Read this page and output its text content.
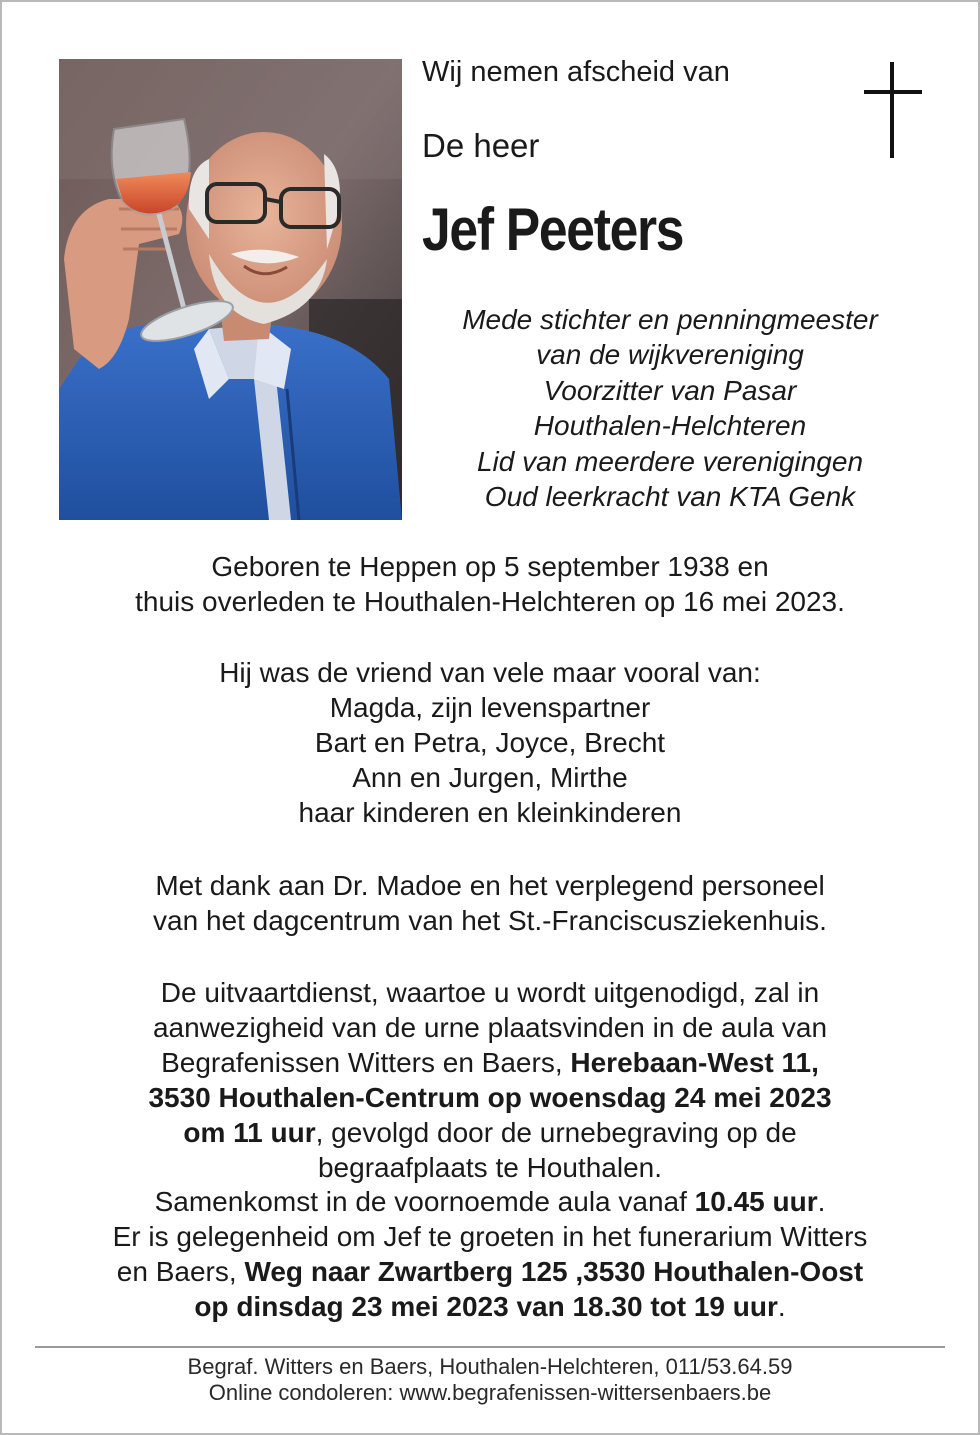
Wij nemen afscheid van
De heer
Jef Peeters
Mede stichter en penningmeester
van de wijkvereniging
Voorzitter van Pasar
Houthalen-Helchteren
Lid van meerdere verenigingen
Oud leerkracht van KTA Genk
Geboren te Heppen op 5 september 1938 en
thuis overleden te Houthalen-Helchteren op 16 mei 2023.
Hij was de vriend van vele maar vooral van:
Magda, zijn levenspartner
Bart en Petra, Joyce, Brecht
Ann en Jurgen, Mirthe
haar kinderen en kleinkinderen
Met dank aan Dr. Madoe en het verplegend personeel
van het dagcentrum van het St.-Franciscusziekenhuis.
De uitvaartdienst, waartoe u wordt uitgenodigd, zal in
aanwezigheid van de urne plaatsvinden in de aula van
Begrafenissen Witters en Baers, Herebaan-West 11,
3530 Houthalen-Centrum op woensdag 24 mei 2023
om 11 uur, gevolgd door de urnebegraving op de
begraafplaats te Houthalen.
Samenkomst in de voornoemde aula vanaf 10.45 uur.
Er is gelegenheid om Jef te groeten in het funerarium Witters
en Baers, Weg naar Zwartberg 125 ,3530 Houthalen-Oost
op dinsdag 23 mei 2023 van 18.30 tot 19 uur.
Begraf. Witters en Baers, Houthalen-Helchteren, 011/53.64.59
Online condoleren: www.begrafenissen-wittersenbaers.be
